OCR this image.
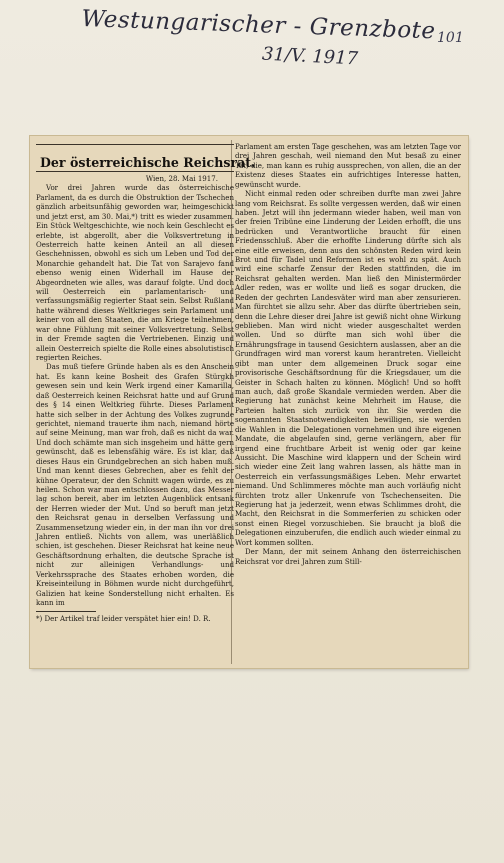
Westungarischer - Grenzbote 101
31/V. 1917
Der österreichische Reichsrat.
Wien, 28. Mai 1917.

Vor drei Jahren wurde das österreichische Parlament, da es durch die Obstruktion der Tschechen gänzlich arbeitsunfähig geworden war, heimgeschickt und jetzt erst, am 30. Mai,*) tritt es wieder zusammen. Ein Stück Weltgeschichte, wie noch kein Geschlecht es erlebte, ist abgerollt, aber die Volksvertretung in Oesterreich hatte keinen Anteil an all diesen Geschehnissen, obwohl es sich um Leben und Tod der Monarchie gehandelt hat. Die Tat von Sarajevo fand ebenso wenig einen Widerhall im Hause der Abgeordneten wie alles, was darauf folgte. Und doch will Oesterreich ein parlamentarisch- und verfassungsmäßig regierter Staat sein. Selbst Rußland hatte während dieses Weltkrieges sein Parlament und keiner von all den Staaten, die am Kriege teilnehmen, war ohne Fühlung mit seiner Volksvertretung. Selbst in der Fremde sagten die Vertriebenen. Einzig und allein Oesterreich spielte die Rolle eines absolutistisch regierten Reiches.

Das muß tiefere Gründe haben als es den Anschein hat. Es kann keine Bosheit des Grafen Stürgkh gewesen sein und kein Werk irgend einer Kamarilla, daß Oesterreich keinen Reichsrat hatte und auf Grund des § 14 einen Weltkrieg führte. Dieses Parlament hatte sich selber in der Achtung des Volkes zugrunde gerichtet, niemand trauerte ihm nach, niemand hörte auf seine Meinung, man war froh, daß es nicht da war. Und doch schämte man sich insgeheim und hätte gern gewünscht, daß es lebensfähig wäre. Es ist klar, daß dieses Haus ein Grundgebrechen an sich haben muß. Und man kennt dieses Gebrechen, aber es fehlt der kühne Operateur, der den Schnitt wagen würde, es zu heilen. Schon war man entschlossen dazu, das Messer lag schon bereit, aber im letzten Augenblick entsank der Herren wieder der Mut. Und so beruft man jetzt den Reichsrat genau in derselben Verfassung und Zusammensetzung wieder ein, in der man ihn vor drei Jahren entließ. Nichts von allem, was unerläßlich schien, ist geschehen. Dieser Reichsrat hat keine neue Geschäftsordnung erhalten, die deutsche Sprache ist nicht zur alleinigen Verhandlungs- und Verkehrssprache des Staates erhoben worden, die Kreiseinteilung in Böhmen wurde nicht durchgeführt, Galizien hat keine Sonderstellung nicht erhalten. Es kann im

*) Der Artikel traf leider verspätet hier ein! D. R.

Parlament am ersten Tage geschehen, was am letzten Tage vor drei Jahren geschah, weil niemand den Mut besaß zu einer Tat, die, man kann es ruhig aussprechen, von allen, die an der Existenz dieses Staates ein aufrichtiges Interesse hatten, gewünscht wurde.

Nicht einmal reden oder schreiben durfte man zwei Jahre lang vom Reichsrat. Es sollte vergessen werden, daß wir einen haben. Jetzt will ihn jedermann wieder haben, weil man von der freien Tribüne eine Linderung der Leiden erhofft, die uns bedrücken und Verantwortliche braucht für einen Friedensschluß. Aber die erhoffte Linderung dürfte sich als eine eitle erweisen, denn aus den schönsten Reden wird kein Brot und für Tadel und Reformen ist es wohl zu spät. Auch wird eine scharfe Zensur der Reden stattfinden, die im Reichsrat gehalten werden. Man ließ den Ministermörder Adler reden, was er wollte und ließ es sogar drucken, die Reden der gechrten Landesväter wird man aber zensurieren. Man fürchtet sie allzu sehr. Aber das dürfte übertrieben sein, denn die Lehre dieser drei Jahre ist gewiß nicht ohne Wirkung geblieben. Man wird nicht wieder ausgeschaltet werden wollen. Und so dürfte man sich wohl über die Ernährungsfrage in tausend Gesichtern auslassen, aber an die Grundfragen wird man vorerst kaum herantreten. Vielleicht gibt man unter dem allgemeinen Druck sogar eine provisorische Geschäftsordnung für die Kriegsdauer, um die Geister in Schach halten zu können. Möglich! Und so hofft man auch, daß große Skandale vermieden werden. Aber die Regierung hat zunächst keine Mehrheit im Hause, die Parteien halten sich zurück von ihr. Sie werden die sogenannten Staatsnotwendigkeiten bewilligen, sie werden die Wahlen in die Delegationen vornehmen und ihre eigenen Mandate, die abgelaufen sind, gerne verlängern, aber für irgend eine fruchtbare Arbeit ist wenig oder gar keine Aussicht. Die Maschine wird klappern und der Schein wird sich wieder eine Zeit lang wahren lassen, als hätte man in Oesterreich ein verfassungsmäßiges Leben. Mehr erwartet niemand. Und Schlimmeres möchte man auch vorläufig nicht fürchten trotz aller Unkenrufe von Tschechenseiten. Die Regierung hat ja jederzeit, wenn etwas Schlimmes droht, die Macht, den Reichsrat in die Sommerferien zu schicken oder sonst einen Riegel vorzuschieben. Sie braucht ja bloß die Delegationen einzuberufen, die endlich auch wieder einmal zu Wort kommen sollten.

Der Mann, der mit seinem Anhang den österreichischen Reichsrat vor drei Jahren zum Still-
